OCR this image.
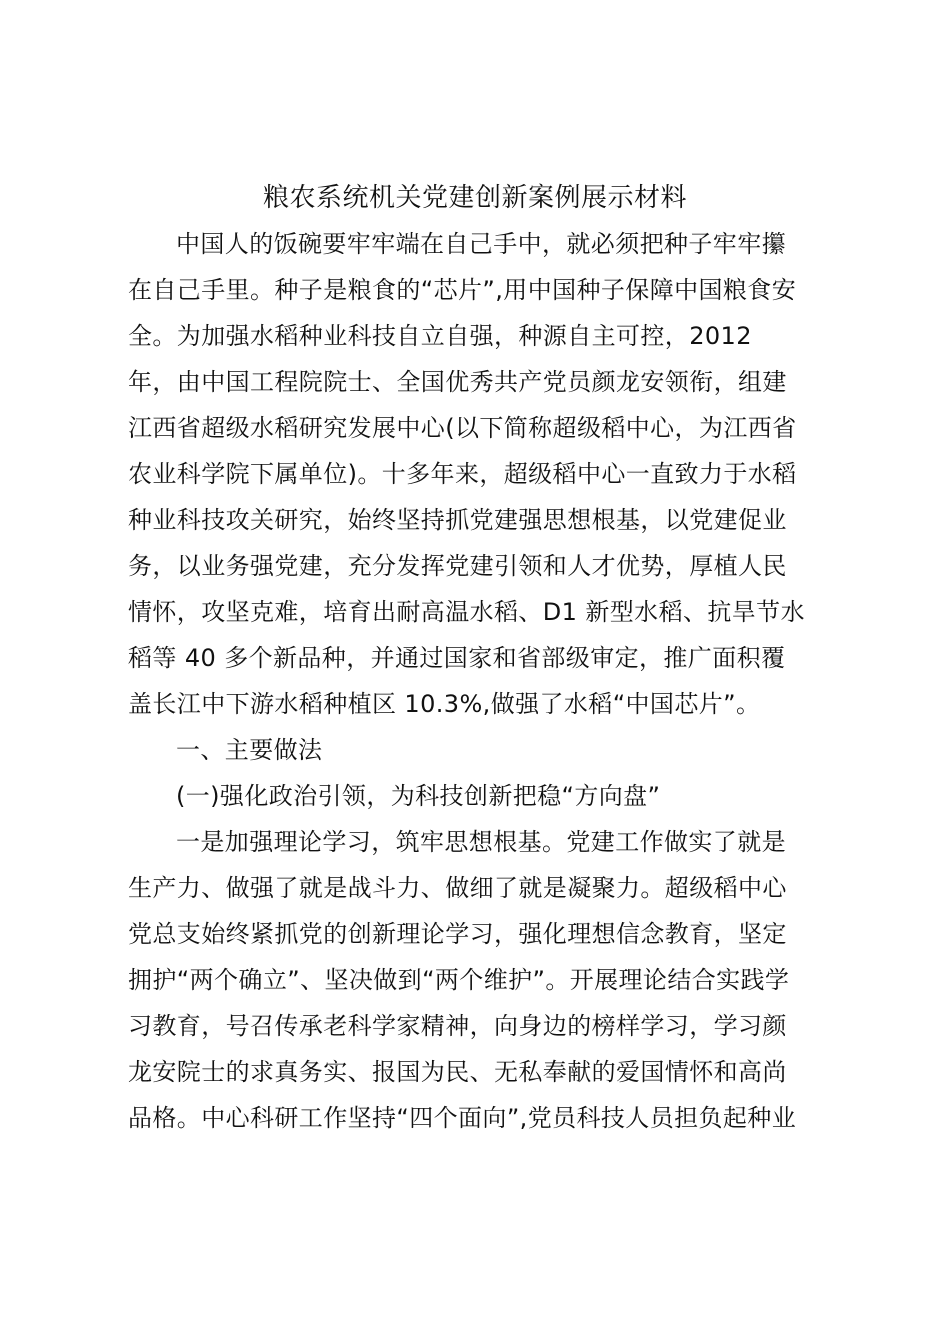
粮农系统机关党建创新案例展示材料
中国人的饭碗要牢牢端在自己手中，就必须把种子牢牢攥
在自己手里。种子是粮食的“芯片”,用中国种子保障中国粮食安
全。为加强水稻种业科技自立自强，种源自主可控，2012
年，由中国工程院院士、全国优秀共产党员颜龙安领衔，组建
江西省超级水稻研究发展中心(以下简称超级稻中心，为江西省
农业科学院下属单位)。十多年来，超级稻中心一直致力于水稻
种业科技攻关研究，始终坚持抓党建强思想根基，以党建促业
务，以业务强党建，充分发挥党建引领和人才优势，厚植人民
情怀，攻坚克难，培育出耐高温水稻、D1 新型水稻、抗旱节水
稻等 40 多个新品种，并通过国家和省部级审定，推广面积覆
盖长江中下游水稻种植区 10.3%,做强了水稻“中国芯片”。
一、主要做法
(一)强化政治引领，为科技创新把稳“方向盘”
一是加强理论学习，筑牢思想根基。党建工作做实了就是
生产力、做强了就是战斗力、做细了就是凝聚力。超级稻中心
党总支始终紧抓党的创新理论学习，强化理想信念教育，坚定
拥护“两个确立”、坚决做到“两个维护”。开展理论结合实践学
习教育，号召传承老科学家精神，向身边的榜样学习，学习颜
龙安院士的求真务实、报国为民、无私奉献的爱国情怀和高尚
品格。中心科研工作坚持“四个面向”,党员科技人员担负起种业
